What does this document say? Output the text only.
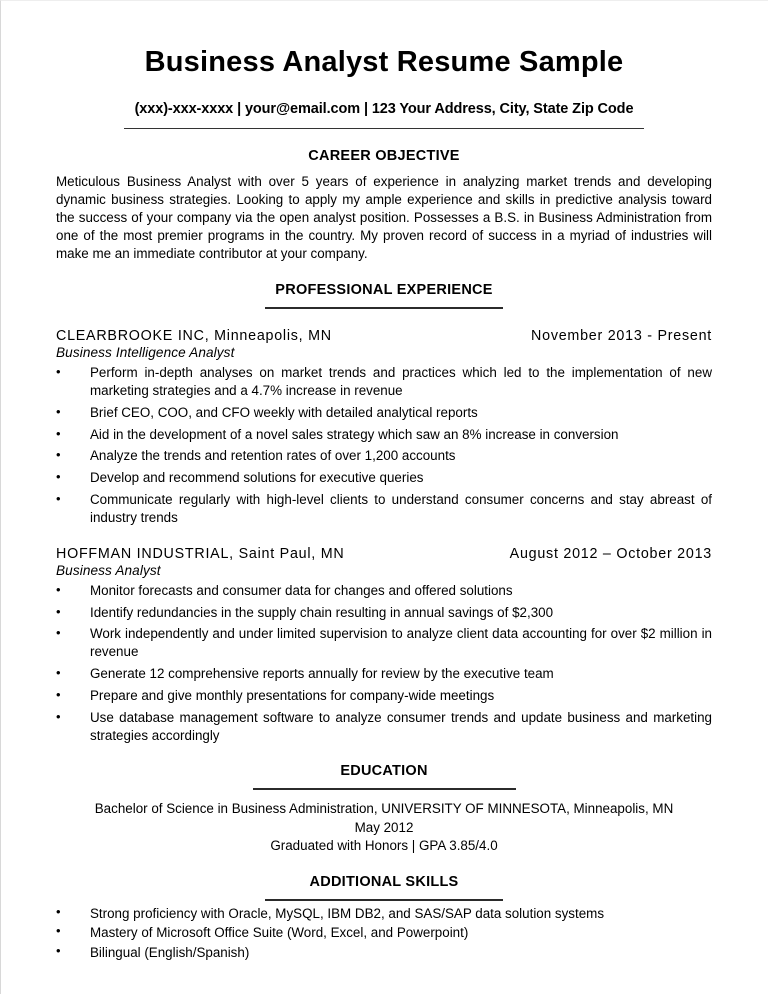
Business Analyst Resume Sample
(xxx)-xxx-xxxx | your@email.com | 123 Your Address, City, State Zip Code
CAREER OBJECTIVE

Meticulous Business Analyst with over 5 years of experience in analyzing market trends and developing dynamic business strategies. Looking to apply my ample experience and skills in predictive analysis toward the success of your company via the open analyst position. Possesses a B.S. in Business Administration from one of the most premier programs in the country. My proven record of success in a myriad of industries will make me an immediate contributor at your company.

PROFESSIONAL EXPERIENCE
CLEARBROOKE INC, Minneapolis, MN	November 2013 - Present
Business Intelligence Analyst
• Perform in-depth analyses on market trends and practices which led to the implementation of new marketing strategies and a 4.7% increase in revenue
• Brief CEO, COO, and CFO weekly with detailed analytical reports
• Aid in the development of a novel sales strategy which saw an 8% increase in conversion
• Analyze the trends and retention rates of over 1,200 accounts
• Develop and recommend solutions for executive queries
• Communicate regularly with high-level clients to understand consumer concerns and stay abreast of industry trends
HOFFMAN INDUSTRIAL, Saint Paul, MN	August 2012 – October 2013
Business Analyst
• Monitor forecasts and consumer data for changes and offered solutions
• Identify redundancies in the supply chain resulting in annual savings of $2,300
• Work independently and under limited supervision to analyze client data accounting for over $2 million in revenue
• Generate 12 comprehensive reports annually for review by the executive team
• Prepare and give monthly presentations for company-wide meetings
• Use database management software to analyze consumer trends and update business and marketing strategies accordingly
EDUCATION
Bachelor of Science in Business Administration, UNIVERSITY OF MINNESOTA, Minneapolis, MN
May 2012
Graduated with Honors | GPA 3.85/4.0
ADDITIONAL SKILLS
• Strong proficiency with Oracle, MySQL, IBM DB2, and SAS/SAP data solution systems
• Mastery of Microsoft Office Suite (Word, Excel, and Powerpoint)
• Bilingual (English/Spanish)
